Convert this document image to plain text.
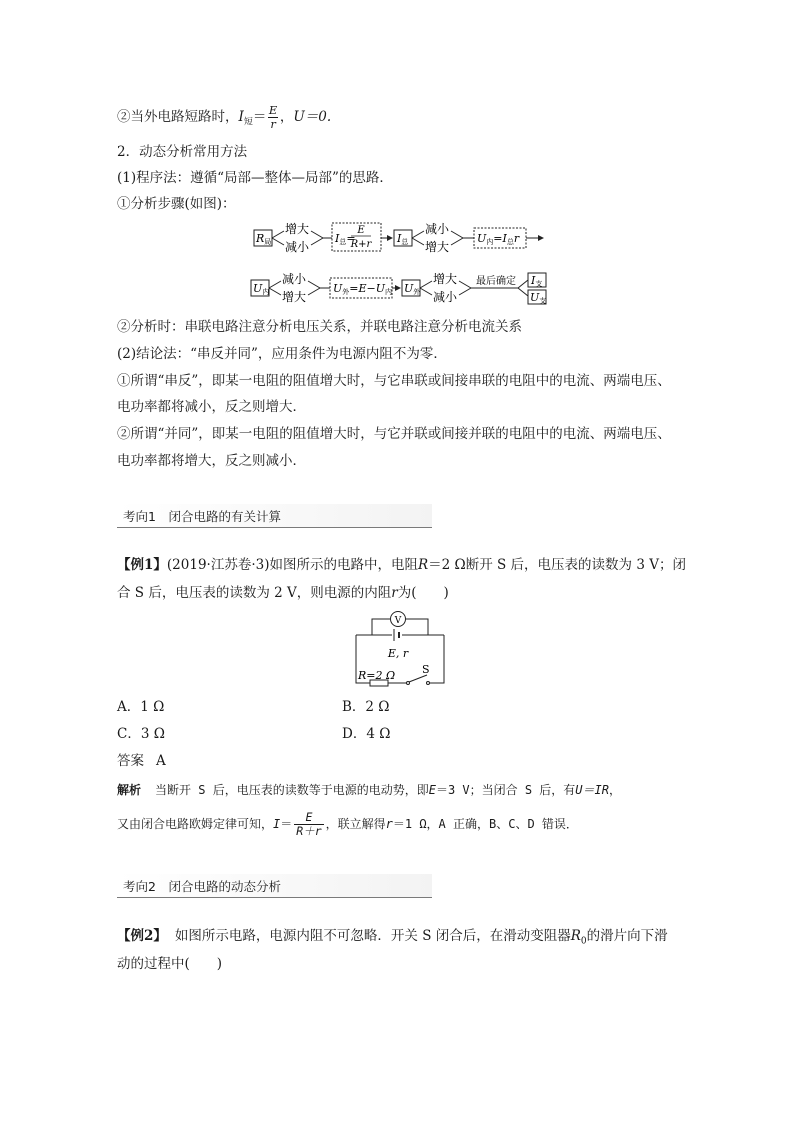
②当外电路短路时，$I_短= \frac{E}{r}$ ，U＝0.
2．动态分析常用方法
(1)程序法：遵循“局部—整体—局部”的思路．
①分析步骤(如图)：
R局
增大
减小
I总=
E
R+r I总
减小
增大
U内=I总r
U内
减小
增大
U外=E−U内 U外
增大
减小
最后确定 I支
U支
②分析时：串联电路注意分析电压关系，并联电路注意分析电流关系
(2)结论法：“串反并同”，应用条件为电源内阻不为零．
①所谓“串反”，即某一电阻的阻值增大时，与它串联或间接串联的电阻中的电流、两端电压、
电功率都将减小，反之则增大．
②所谓“并同”，即某一电阻的阻值增大时，与它并联或间接并联的电阻中的电流、两端电压、
电功率都将增大，反之则减小．
考向1　闭合电路的有关计算
【例1】(2019·江苏卷·3)如图所示的电路中，电阻R＝2 Ω断开 S 后，电压表的读数为 3 V；闭
合 S 后，电压表的读数为 2 V，则电源的内阻r为(　　)
E, r
V
R=2 Ω S
A．1 Ω	B．2 Ω
C．3 Ω	D．4 Ω
答案 A
解析 当断开 S 后，电压表的读数等于电源的电动势，即E＝3 V；当闭合 S 后，有U＝IR，
又由闭合电路欧姆定律可知，$I= \frac{E}{R+r}$ ，联立解得r＝1 Ω，A 正确，B、C、D 错误．
考向2　闭合电路的动态分析
【例2】 如图所示电路，电源内阻不可忽略．开关 S 闭合后，在滑动变阻器$R_0$的滑片向下滑
动的过程中(　　)
